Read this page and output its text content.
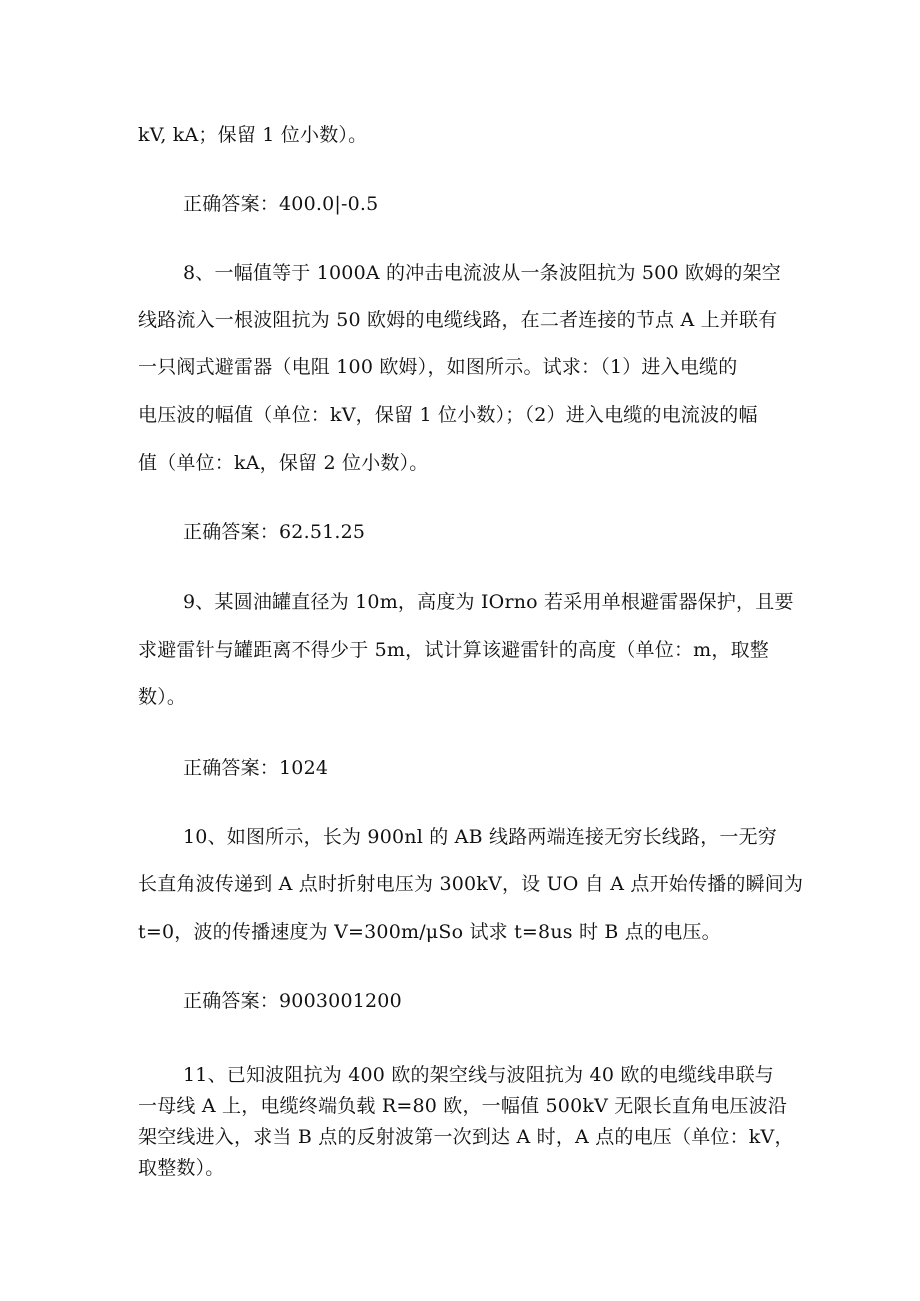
kV, kA；保留 1 位小数）。
正确答案：400.0|-0.5
8、一幅值等于 1000A 的冲击电流波从一条波阻抗为 500 欧姆的架空
线路流入一根波阻抗为 50 欧姆的电缆线路，在二者连接的节点 A 上并联有
一只阀式避雷器（电阻 100 欧姆），如图所示。试求：（1）进入电缆的
电压波的幅值（单位：kV，保留 1 位小数）；（2）进入电缆的电流波的幅
值（单位：kA，保留 2 位小数）。
正确答案：62.51.25
9、某圆油罐直径为 10m，高度为 IOrno 若采用单根避雷器保护，且要
求避雷针与罐距离不得少于 5m，试计算该避雷针的高度（单位：m，取整
数）。
正确答案：1024
10、如图所示，长为 900nl 的 AB 线路两端连接无穷长线路，一无穷
长直角波传递到 A 点时折射电压为 300kV，设 UO 自 A 点开始传播的瞬间为
t=0，波的传播速度为 V=300m/μSo 试求 t=8us 时 B 点的电压。
正确答案：9003001200
11、已知波阻抗为 400 欧的架空线与波阻抗为 40 欧的电缆线串联与
一母线 A 上，电缆终端负载 R=80 欧，一幅值 500kV 无限长直角电压波沿
架空线进入，求当 B 点的反射波第一次到达 A 时，A 点的电压（单位：kV，
取整数）。
